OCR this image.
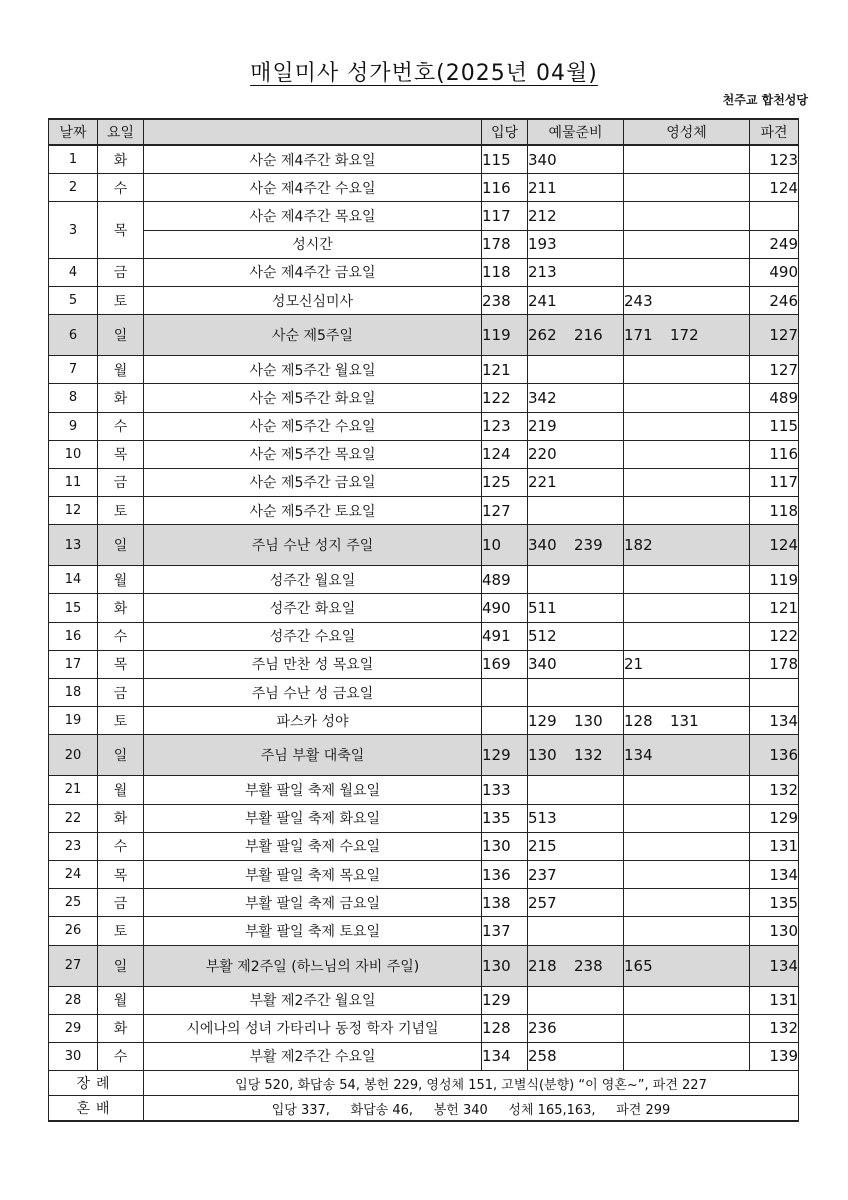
매일미사 성가번호(2025년 04월)
천주교 합천성당
날짜	요일		입당	예물준비	영성체	파견
1	화	사순 제4주간 화요일	115	340		123
2	수	사순 제4주간 수요일	116	211		124
3	목	사순 제4주간 목요일	117	212		
		성시간	178	193		249
4	금	사순 제4주간 금요일	118	213		490
5	토	성모신심미사	238	241	243	246
6	일	사순 제5주일	119	262 216	171 172	127
7	월	사순 제5주간 월요일	121			127
8	화	사순 제5주간 화요일	122	342		489
9	수	사순 제5주간 수요일	123	219		115
10	목	사순 제5주간 목요일	124	220		116
11	금	사순 제5주간 금요일	125	221		117
12	토	사순 제5주간 토요일	127			118
13	일	주님 수난 성지 주일	10	340 239	182	124
14	월	성주간 월요일	489			119
15	화	성주간 화요일	490	511		121
16	수	성주간 수요일	491	512		122
17	목	주님 만찬 성 목요일	169	340	21	178
18	금	주님 수난 성 금요일				
19	토	파스카 성야		129 130	128 131	134
20	일	주님 부활 대축일	129	130 132	134	136
21	월	부활 팔일 축제 월요일	133			132
22	화	부활 팔일 축제 화요일	135	513		129
23	수	부활 팔일 축제 수요일	130	215		131
24	목	부활 팔일 축제 목요일	136	237		134
25	금	부활 팔일 축제 금요일	138	257		135
26	토	부활 팔일 축제 토요일	137			130
27	일	부활 제2주일 (하느님의 자비 주일)	130	218 238	165	134
28	월	부활 제2주간 월요일	129			131
29	화	시에나의 성녀 가타리나 동정 학자 기념일	128	236		132
30	수	부활 제2주간 수요일	134	258		139
장례		입당 520, 화답송 54, 봉헌 229, 영성체 151, 고별식(분향) “이 영혼~”, 파견 227				
혼배		입당 337,     화답송 46,     봉헌 340     성체 165,163,     파견 299				
